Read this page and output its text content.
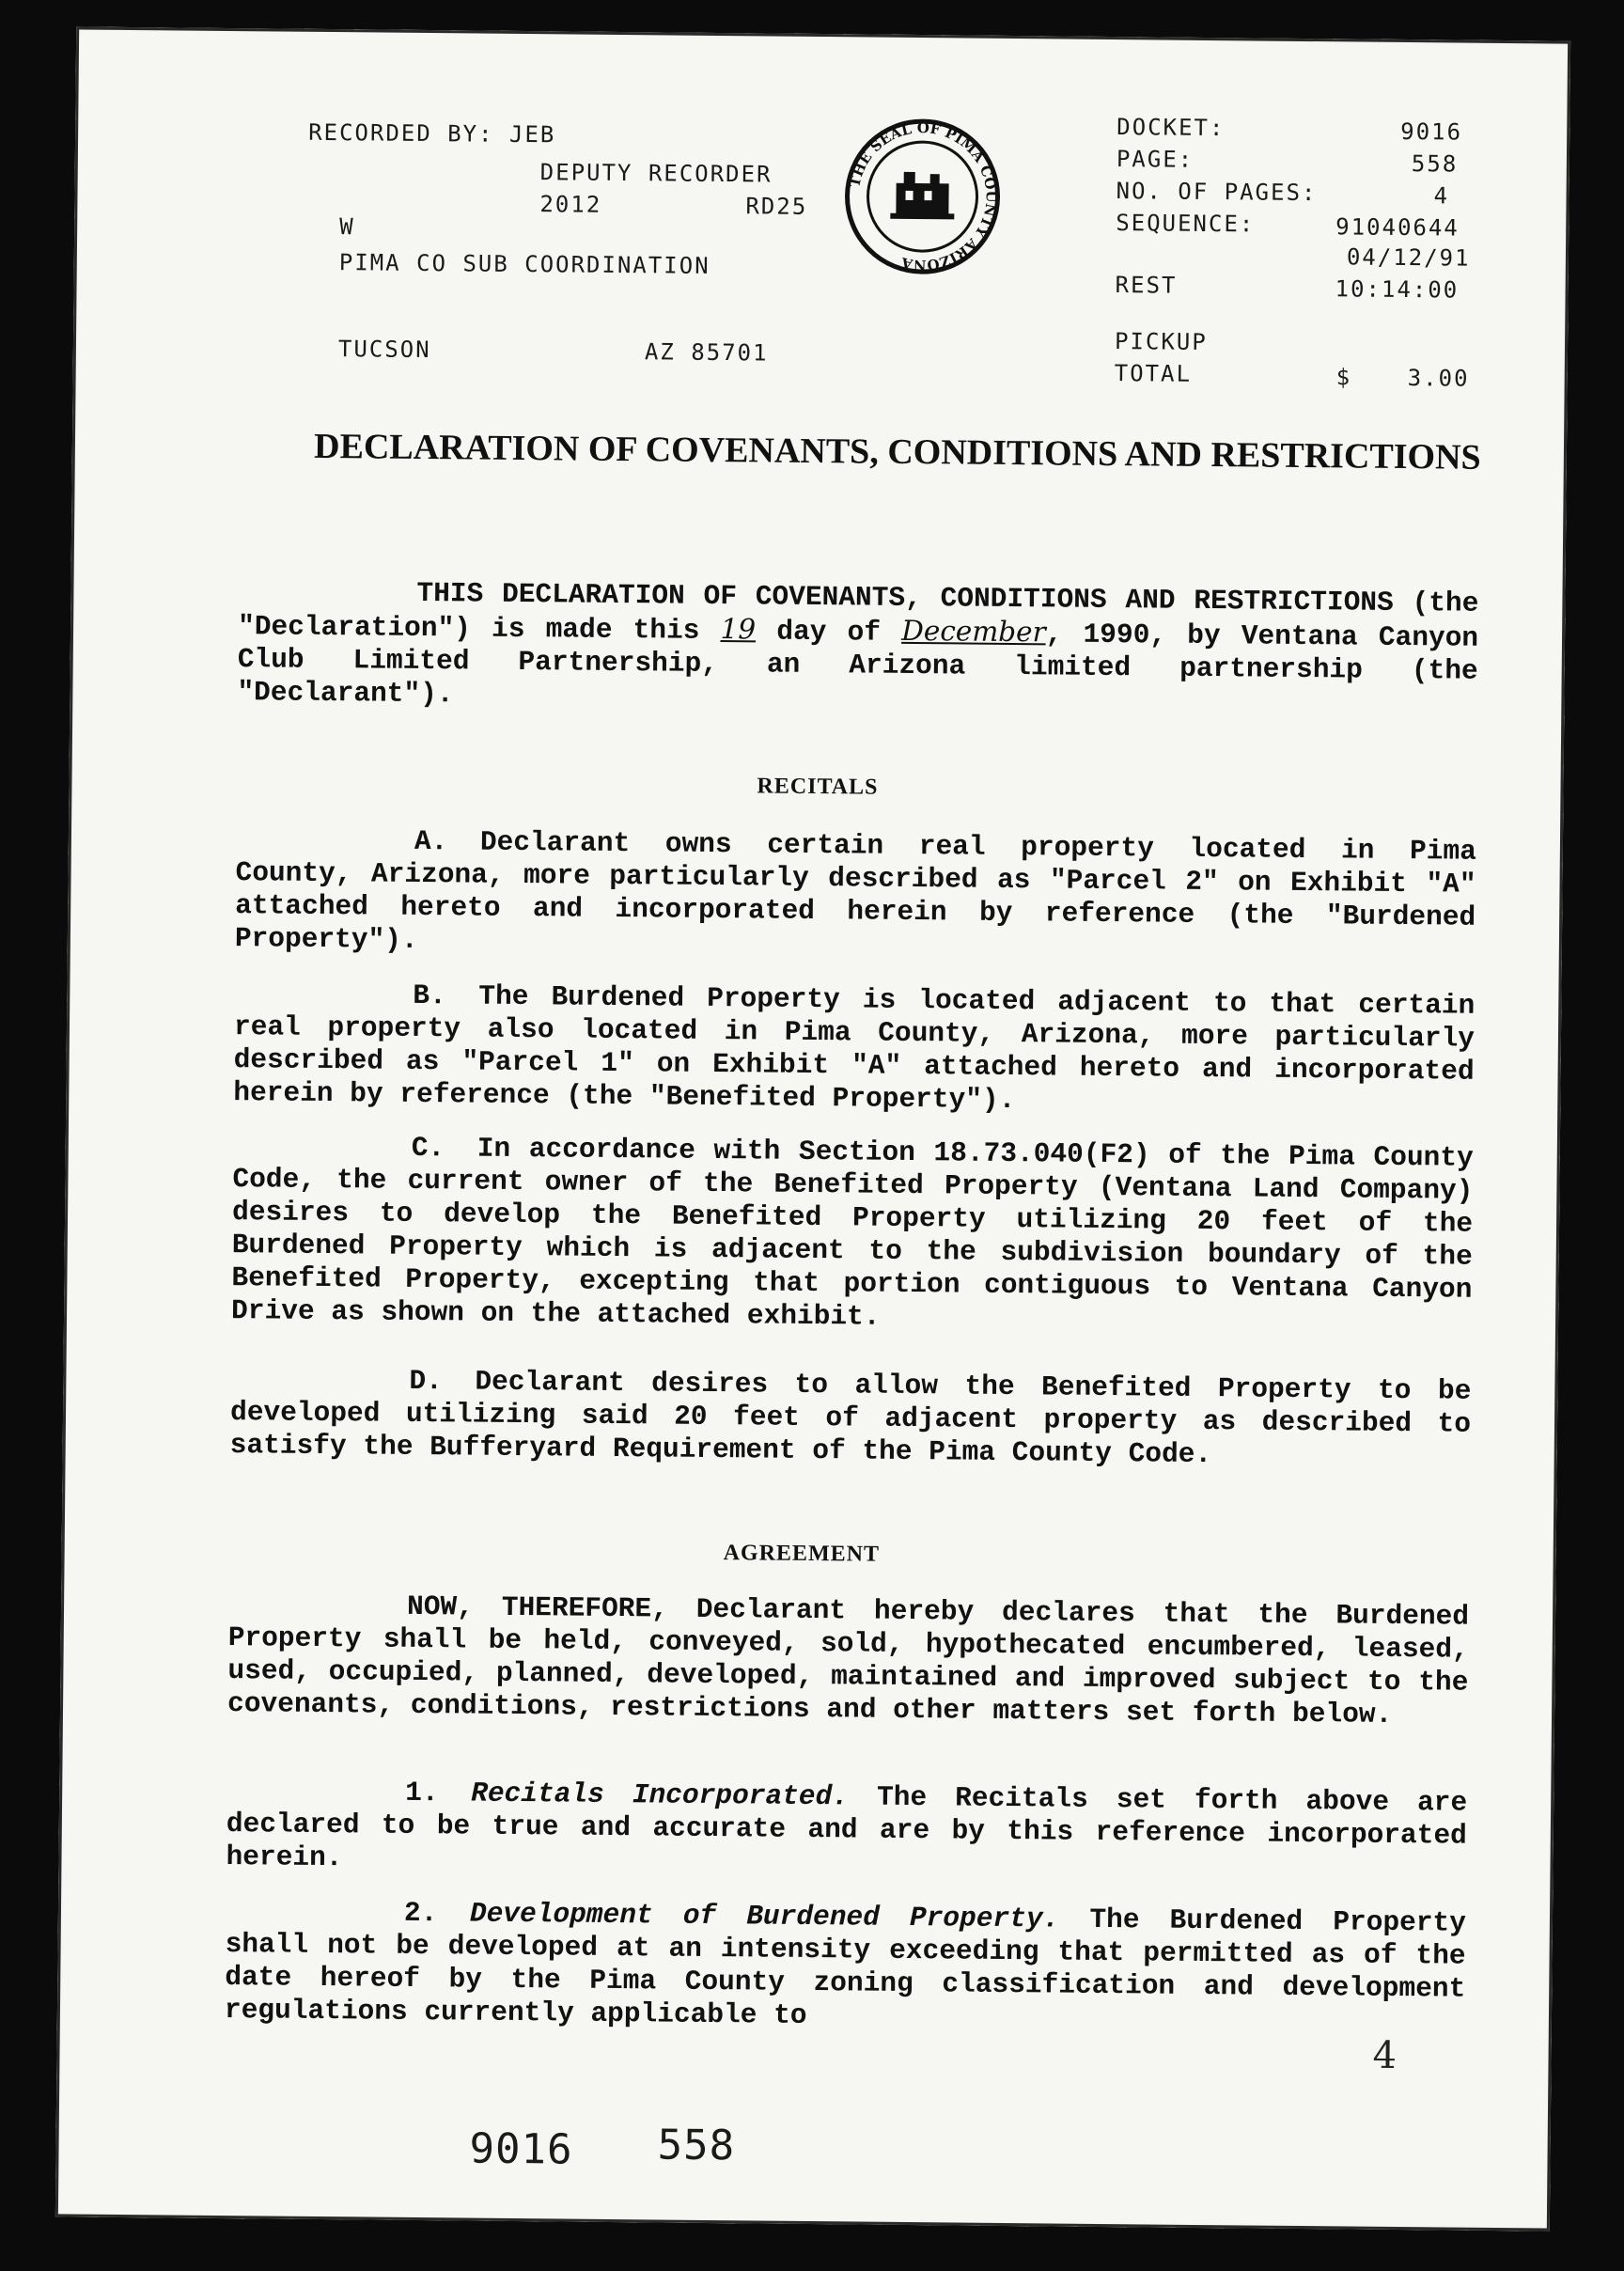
RECORDED BY: JEB
DEPUTY RECORDER
2012	RD25
W
PIMA CO SUB COORDINATION
TUCSON	AZ 85701
THE SEAL OF PIMA COUNTY ARIZONA
DOCKET:	9016
PAGE:	558
NO. OF PAGES:	4
SEQUENCE:	91040644
04/12/91
REST	10:14:00
PICKUP
TOTAL	$ 3.00
DECLARATION OF COVENANTS, CONDITIONS AND RESTRICTIONS
THIS DECLARATION OF COVENANTS, CONDITIONS AND RESTRICTIONS (the "Declaration") is made this 19 day of December, 1990, by Ventana Canyon Club Limited Partnership, an Arizona limited partnership (the "Declarant").
RECITALS
A. Declarant owns certain real property located in Pima County, Arizona, more particularly described as "Parcel 2" on Exhibit "A" attached hereto and incorporated herein by reference (the "Burdened Property").
B. The Burdened Property is located adjacent to that certain real property also located in Pima County, Arizona, more particularly described as "Parcel 1" on Exhibit "A" attached hereto and incorporated herein by reference (the "Benefited Property").
C. In accordance with Section 18.73.040(F2) of the Pima County Code, the current owner of the Benefited Property (Ventana Land Company) desires to develop the Benefited Property utilizing 20 feet of the Burdened Property which is adjacent to the subdivision boundary of the Benefited Property, excepting that portion contiguous to Ventana Canyon Drive as shown on the attached exhibit.
D. Declarant desires to allow the Benefited Property to be developed utilizing said 20 feet of adjacent property as described to satisfy the Bufferyard Requirement of the Pima County Code.
AGREEMENT
NOW, THEREFORE, Declarant hereby declares that the Burdened Property shall be held, conveyed, sold, hypothecated encumbered, leased, used, occupied, planned, developed, maintained and improved subject to the covenants, conditions, restrictions and other matters set forth below.
1. Recitals Incorporated. The Recitals set forth above are declared to be true and accurate and are by this reference incorporated herein.
2. Development of Burdened Property. The Burdened Property shall not be developed at an intensity exceeding that permitted as of the date hereof by the Pima County zoning classification and development regulations currently applicable to
4
9016 558
